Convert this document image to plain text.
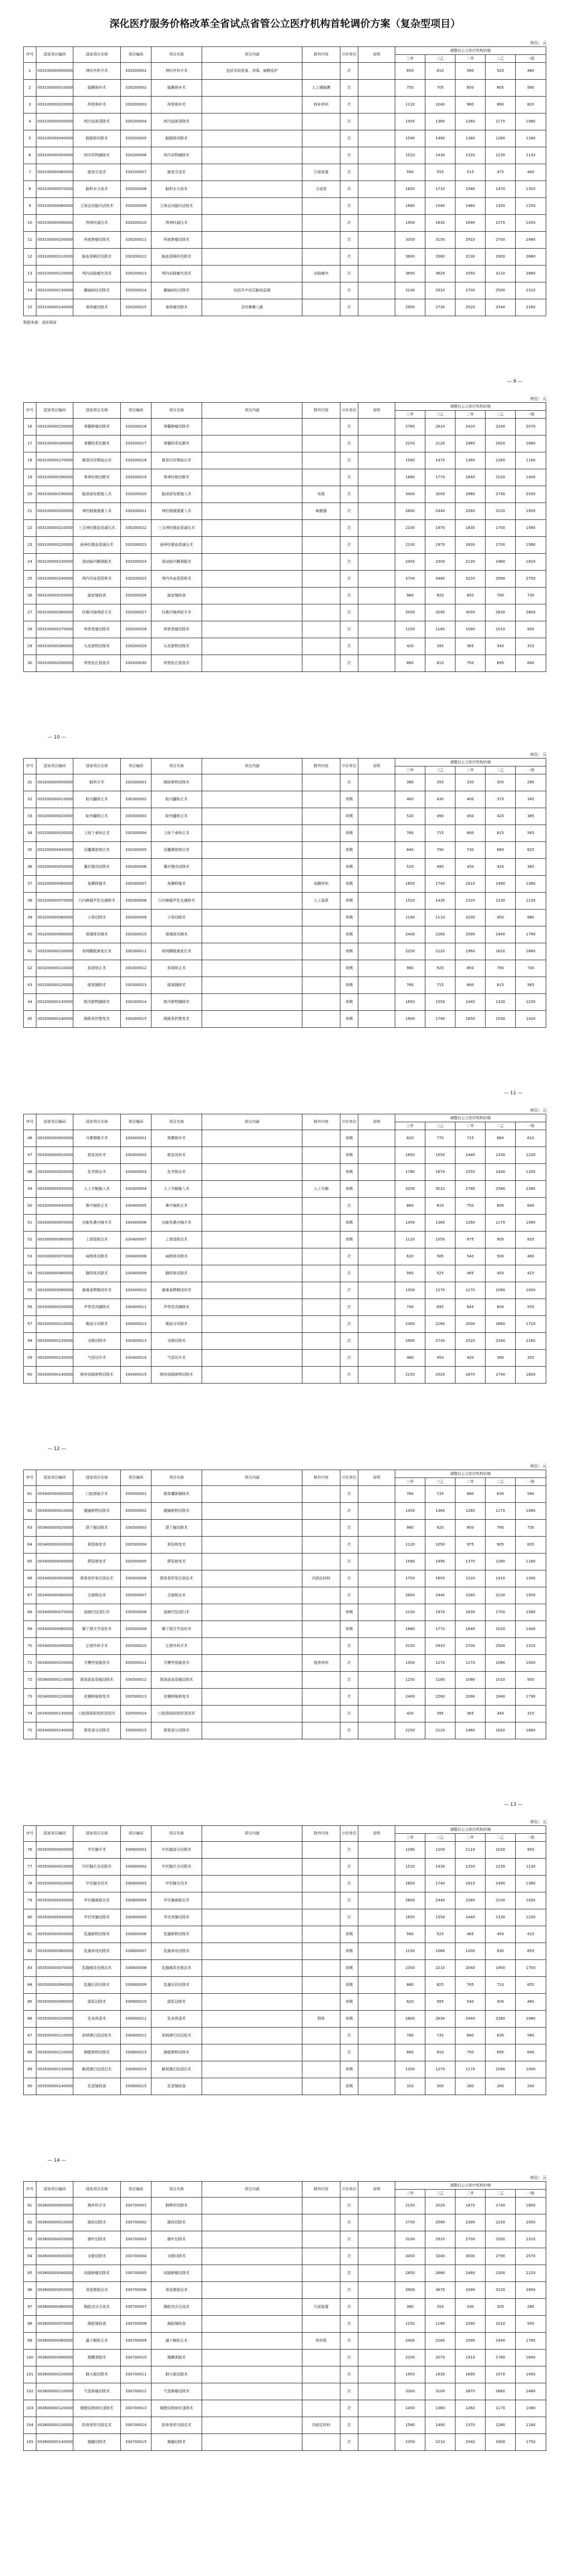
深化医疗服务价格改革全省试点省管公立医疗机构首轮调价方案（复杂型项目）
单位：元
序号	国家项目编码	国家项目名称	项目编码	项目名称	项目内涵	除外内容	计价单位	说明	调整后公立医疗机构价格				
									三甲	三乙	二甲	二乙	一级
1	003100000000000	神经外科手术	330200001	神经外科手术	包括术前准备、消毒、麻醉监护		次		650	610	560	520	480
2	003100000010000	脑膜修补术	330200002	脑膜修补术		人工硬脑膜	次		750	705	650	605	560
3	003100000020000	颅骨修补术	330200003	颅骨修补术		修补材料	次		1110	1040	960	890	820
4	003100000030000	颅内血肿清除术	330200004	颅内血肿清除术			次		1450	1360	1260	1170	1080
5	003100000040000	脑脓肿切除术	330200005	脑脓肿切除术			次		1590	1490	1380	1280	1180
6	003100000050000	颅内异物摘除术	330200006	颅内异物摘除术			次		1520	1430	1320	1230	1130
7	003100000060000	脑室引流术	330200007	脑室引流术		引流装置	次		590	555	515	475	440
8	003100000070000	脑积水分流术	330200008	脑积水分流术		分流管	次		1820	1710	1580	1470	1350
9	003100000080000	立体定向脑内活检术	330200009	立体定向脑内活检术			次		1680	1580	1460	1350	1250
10	003100000090000	颅神经减压术	330200010	颅神经减压术			次		1950	1830	1690	1570	1450
11	003100000100000	颅底肿瘤切除术	330200011	颅底肿瘤切除术			次		3350	3150	2910	2700	2490
12	003100000110000	脑血管畸形切除术	330200012	脑血管畸形切除术			次		3600	3380	3130	2900	2680
13	003100000120000	颅内动脉瘤夹闭术	330200013	颅内动脉瘤夹闭术		动脉瘤夹	次		3850	3620	3350	3110	2860
14	003100000130000	癫痫病灶切除术	330200014	癫痫病灶切除术	包括术中皮层脑电监测		次		3100	2910	2700	2500	2310
15	003100000140000	垂体瘤切除术	330200015	垂体瘤切除术	含经鼻蝶入路		次		2900	2730	2520	2340	2160
数据来源：省医保局
单位：元
序号	国家项目编码	国家项目名称	项目编码	项目名称	项目内涵	除外内容	计价单位	说明	调整后公立医疗机构价格				
									三甲	三乙	二甲	二乙	一级
16	003100000150000	脊髓肿瘤切除术	330200016	脊髓肿瘤切除术			次		2780	2610	2420	2240	2070
17	003100000160000	脊髓栓系松解术	330200017	脊髓栓系松解术			次		2250	2120	1960	1820	1680
18	003100000170000	椎管内异物取出术	330200018	椎管内异物取出术			次		1560	1470	1360	1260	1160
19	003100000180000	脊神经根切断术	330200019	脊神经根切断术			次		1880	1770	1640	1520	1400
20	003100000190000	脑深部电极植入术	330200020	脑深部电极植入术		电极	次		3400	3200	2960	2740	2530
21	003100000200000	神经刺激器置入术	330200021	神经刺激器置入术		刺激器	次		2600	2440	2260	2100	1930
22	003100000210000	三叉神经微血管减压术	330200022	三叉神经微血管减压术			次		2100	1970	1830	1700	1560
23	003100000220000	面神经微血管减压术	330200023	面神经微血管减压术			次		2100	1970	1830	1700	1560
24	003100000230000	颈动脉内膜剥脱术	330200024	颈动脉内膜剥脱术			次		2450	2300	2130	1980	1820
25	003100000240000	颅内外血管搭桥术	330200025	颅内外血管搭桥术			次		3700	3480	3220	2990	2750
26	003100000250000	脑室镜检查	330200026	脑室镜检查			次		980	920	850	790	730
27	003100000260000	经鼻内镜颅底手术	330200027	经鼻内镜颅底手术			次		3500	3290	3050	2830	2600
28	003100000270000	颅骨骨瘤切除术	330200028	颅骨骨瘤切除术			次		1250	1180	1090	1010	930
29	003100000280000	头皮肿物切除术	330200029	头皮肿物切除术			次		420	395	365	340	315
30	003100000290000	颅骨钻孔探查术	330200030	颅骨钻孔探查术			次		860	810	750	695	640
— 9 —
单位：元
序号	国家项目编码	国家项目名称	项目编码	项目名称	项目内涵	除外内容	计价单位	说明	调整后公立医疗机构价格				
									三甲	三乙	二甲	二乙	一级
31	003200000000000	眼科手术	330300001	眼睑肿物切除术			次		380	355	330	305	285
32	003200000010000	睑内翻矫正术	330300002	睑内翻矫正术			单侧		460	430	400	370	345
33	003200000020000	睑外翻矫正术	330300003	睑外翻矫正术			单侧		520	490	450	420	385
34	003200000030000	上睑下垂矫正术	330300004	上睑下垂矫正术			单侧		760	715	660	615	565
35	003200000040000	泪囊鼻腔吻合术	330300005	泪囊鼻腔吻合术			单侧		840	790	730	680	625
36	003200000050000	翼状胬肉切除术	330300006	翼状胬肉切除术			单侧		520	490	450	420	385
37	003200000060000	角膜移植术	330300007	角膜移植术		角膜材料	单侧		1850	1740	1610	1490	1380
38	003200000070000	白内障超声乳化摘除术	330300008	白内障超声乳化摘除术		人工晶体	单侧		1520	1430	1320	1230	1130
39	003200000080000	小梁切除术	330300009	小梁切除术			单侧		1180	1110	1030	950	880
40	003200000090000	玻璃体切割术	330300010	玻璃体切割术			单侧		2400	2260	2090	1940	1790
41	003200000100000	视网膜脱离复位术	330300011	视网膜脱离复位术			单侧		2250	2120	1960	1820	1680
42	003200000110000	斜视矫正术	330300012	斜视矫正术			单侧		980	920	850	790	730
43	003200000120000	眼球摘除术	330300013	眼球摘除术			单侧		760	715	660	615	565
44	003200000130000	眶内肿物摘除术	330300014	眶内肿物摘除术			单侧		1650	1550	1440	1330	1230
45	003200000140000	眼眶骨折整复术	330300015	眼眶骨折整复术			单侧		1900	1790	1650	1530	1420
— 10 —
单位：元
序号	国家项目编码	国家项目名称	项目编码	项目名称	项目内涵	除外内容	计价单位	说明	调整后公立医疗机构价格				
									三甲	三乙	二甲	二乙	一级
46	003300000000000	耳鼻咽喉手术	330400001	鼓膜修补术			单侧		820	770	715	660	610
47	003300000010000	鼓室成形术	330400002	鼓室成形术			单侧		1650	1550	1440	1330	1230
48	003300000020000	乳突根治术	330400003	乳突根治术			单侧		1780	1670	1550	1440	1330
49	003300000030000	人工耳蜗植入术	330400004	人工耳蜗植入术		人工耳蜗	单侧		3200	3010	2780	2580	2380
50	003300000040000	鼻中隔矫正术	330400005	鼻中隔矫正术			次		860	810	750	695	640
51	003300000050000	功能性鼻内镜手术	330400006	功能性鼻内镜手术			单侧		1450	1360	1260	1170	1080
52	003300000060000	上颌窦根治术	330400007	上颌窦根治术			单侧		1120	1050	975	905	835
53	003300000070000	扁桃体切除术	330400008	扁桃体切除术			次		620	585	540	500	460
54	003300000080000	腺样体切除术	330400009	腺样体切除术			次		560	525	485	450	415
55	003300000090000	悬雍垂腭咽成形术	330400010	悬雍垂腭咽成形术			次		1350	1270	1170	1090	1000
56	003300000100000	声带息肉摘除术	330400011	声带息肉摘除术			次		740	695	645	600	550
57	003300000110000	喉部分切除术	330400012	喉部分切除术			次		2300	2160	2000	1860	1710
58	003300000120000	全喉切除术	330400013	全喉切除术			次		2900	2730	2520	2340	2160
59	003300000130000	气管切开术	330400014	气管切开术			次		480	450	420	390	355
60	003300000140000	咽旁间隙肿物切除术	330400015	咽旁间隙肿物切除术			次		2150	2020	1870	1740	1600
— 11 —
单位：元
序号	国家项目编码	国家项目名称	项目编码	项目名称	项目内涵	除外内容	计价单位	说明	调整后公立医疗机构价格				
									三甲	三乙	二甲	二乙	一级
61	003400000000000	口腔颌面手术	330500001	颌骨囊肿摘除术			次		780	735	680	630	580
62	003400000010000	腮腺肿物切除术	330500002	腮腺肿物切除术			次		1450	1360	1260	1170	1080
63	003400000020000	颌下腺切除术	330500003	颌下腺切除术			次		980	920	850	790	730
64	003400000030000	唇裂修复术	330500004	唇裂修复术			次		1120	1050	975	905	835
65	003400000040000	腭裂修复术	330500005	腭裂修复术			次		1580	1490	1370	1280	1180
66	003400000050000	颌骨骨折复位固定术	330500006	颌骨骨折复位固定术		内固定材料	次		1750	1650	1520	1410	1300
67	003400000060000	舌癌根治术	330500007	舌癌根治术			次		2600	2440	2260	2100	1930
68	003400000070000	颈淋巴结清扫术	330500008	颈淋巴结清扫术			单侧		2100	1970	1830	1700	1560
69	003400000080000	颞下颌关节成形术	330500009	颞下颌关节成形术			单侧		1880	1770	1640	1520	1400
70	003400000090000	正颌外科手术	330500010	正颌外科手术			次		3100	2910	2700	2500	2310
71	003400000100000	牙槽突裂植骨术	330500011	牙槽突裂植骨术		植骨材料	次		1350	1270	1170	1090	1000
72	003400000110000	颌面部血管瘤切除术	330500012	颌面部血管瘤切除术			次		1250	1180	1090	1010	930
73	003400000120000	皮瓣移植修复术	330500013	皮瓣移植修复术			次		2400	2260	2090	1940	1790
74	003400000130000	口腔颌面软组织清创术	330500014	口腔颌面软组织清创术			次		420	395	365	340	315
75	003400000140000	颌骨部分切除术	330500015	颌骨部分切除术			次		2250	2120	1960	1820	1680
— 12 —
单位：元
序号	国家项目编码	国家项目名称	项目编码	项目名称	项目内涵	除外内容	计价单位	说明	调整后公立医疗机构价格				
									三甲	三乙	二甲	二乙	一级
76	003500000000000	甲状腺手术	330600001	甲状腺部分切除术			次		1280	1200	1110	1030	950
77	003500000010000	甲状腺次全切除术	330600002	甲状腺次全切除术			次		1520	1430	1320	1230	1130
78	003500000020000	甲状腺全切术	330600003	甲状腺全切术			次		1850	1740	1610	1490	1380
79	003500000030000	甲状腺癌根治术	330600004	甲状腺癌根治术			次		2600	2440	2260	2100	1930
80	003500000040000	甲状旁腺切除术	330600005	甲状旁腺切除术			次		1650	1550	1440	1330	1230
81	003500000050000	乳腺肿物切除术	330600006	乳腺肿物切除术			单侧		560	525	485	450	415
82	003500000060000	乳腺单纯切除术	330600007	乳腺单纯切除术			单侧		1150	1080	1000	930	855
83	003500000070000	乳腺癌改良根治术	330600008	乳腺癌改良根治术			单侧		2350	2210	2040	1900	1750
84	003500000080000	乳腺区段切除术	330600009	乳腺区段切除术			单侧		880	825	765	710	655
85	003500000090000	副乳切除术	330600010	副乳切除术			单侧		620	585	540	500	460
86	003500000100000	乳房再造术	330600011	乳房再造术		假体	单侧		2800	2630	2440	2260	2080
87	003500000110000	前哨淋巴结活检术	330600012	前哨淋巴结活检术			次		780	735	680	630	580
88	003500000120000	胸壁肿物切除术	330600013	胸壁肿物切除术			次		860	810	750	695	640
89	003500000130000	腋窝淋巴结清扫术	330600014	腋窝淋巴结清扫术			单侧		1350	1270	1170	1090	1000
90	003500000140000	乳管镜检查	330600015	乳管镜检查			单侧		320	300	280	260	240
— 13 —
单位：元
序号	国家项目编码	国家项目名称	项目编码	项目名称	项目内涵	除外内容	计价单位	说明	调整后公立医疗机构价格				
									三甲	三乙	二甲	二乙	一级
91	003600000000000	胸外科手术	330700001	肺楔形切除术			次		2150	2020	1870	1740	1600
92	003600000010000	肺段切除术	330700002	肺段切除术			次		2750	2590	2390	2220	2050
93	003600000020000	肺叶切除术	330700003	肺叶切除术			次		3100	2910	2700	2500	2310
94	003600000030000	全肺切除术	330700004	全肺切除术			次		3450	3240	3000	2790	2570
95	003600000040000	纵隔肿瘤切除术	330700005	纵隔肿瘤切除术			次		2850	2680	2480	2300	2120
96	003600000050000	食管癌根治术	330700006	食管癌根治术			次		3900	3670	3390	3150	2900
97	003600000060000	胸腔闭式引流术	330700007	胸腔闭式引流术		引流装置	次		380	355	330	305	285
98	003600000070000	胸腔镜检查	330700008	胸腔镜检查			次		1250	1180	1090	1010	930
99	003600000080000	漏斗胸矫正术	330700009	漏斗胸矫正术		矫形板	次		2400	2260	2090	1940	1790
100	003600000090000	胸膜剥脱术	330700010	胸膜剥脱术			次		2200	2070	1910	1780	1640
101	003600000100000	肺大疱切除术	330700011	肺大疱切除术			次		1950	1830	1690	1570	1450
102	003600000110000	气管肿瘤切除术	330700012	气管肿瘤切除术			次		3300	3100	2870	2660	2460
103	003600000120000	胸壁结核病灶清除术	330700013	胸壁结核病灶清除术			次		1450	1360	1260	1170	1080
104	003600000130000	肋骨骨折内固定术	330700014	肋骨骨折内固定术		内固定材料	次		1580	1490	1370	1280	1180
105	003600000140000	胸腺切除术	330700015	胸腺切除术			次		2350	2210	2040	1900	1750
— 14 —
